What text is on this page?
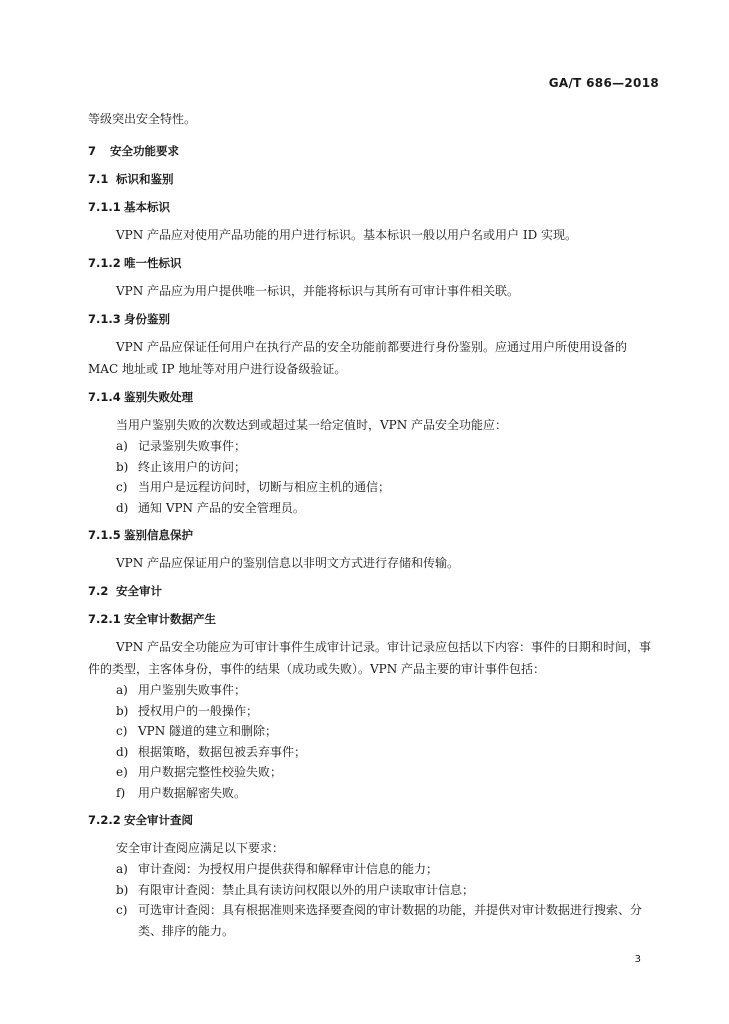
GA/T 686—2018

等级突出安全特性。

7 安全功能要求

7.1 标识和鉴别

7.1.1 基本标识

VPN 产品应对使用产品功能的用户进行标识。基本标识一般以用户名或用户 ID 实现。

7.1.2 唯一性标识

VPN 产品应为用户提供唯一标识，并能将标识与其所有可审计事件相关联。

7.1.3 身份鉴别

VPN 产品应保证任何用户在执行产品的安全功能前都要进行身份鉴别。应通过用户所使用设备的 MAC 地址或 IP 地址等对用户进行设备级验证。

7.1.4 鉴别失败处理

当用户鉴别失败的次数达到或超过某一给定值时，VPN 产品安全功能应：

a) 记录鉴别失败事件；
b) 终止该用户的访问；
c) 当用户是远程访问时，切断与相应主机的通信；
d) 通知 VPN 产品的安全管理员。

7.1.5 鉴别信息保护

VPN 产品应保证用户的鉴别信息以非明文方式进行存储和传输。

7.2 安全审计

7.2.1 安全审计数据产生

VPN 产品安全功能应为可审计事件生成审计记录。审计记录应包括以下内容：事件的日期和时间，事件的类型，主客体身份，事件的结果（成功或失败）。VPN 产品主要的审计事件包括：

a) 用户鉴别失败事件；
b) 授权用户的一般操作；
c) VPN 隧道的建立和删除；
d) 根据策略，数据包被丢弃事件；
e) 用户数据完整性校验失败；
f) 用户数据解密失败。

7.2.2 安全审计查阅

安全审计查阅应满足以下要求：

a) 审计查阅：为授权用户提供获得和解释审计信息的能力；
b) 有限审计查阅：禁止具有读访问权限以外的用户读取审计信息；
c) 可选审计查阅：具有根据准则来选择要查阅的审计数据的功能，并提供对审计数据进行搜索、分类、排序的能力。
3
